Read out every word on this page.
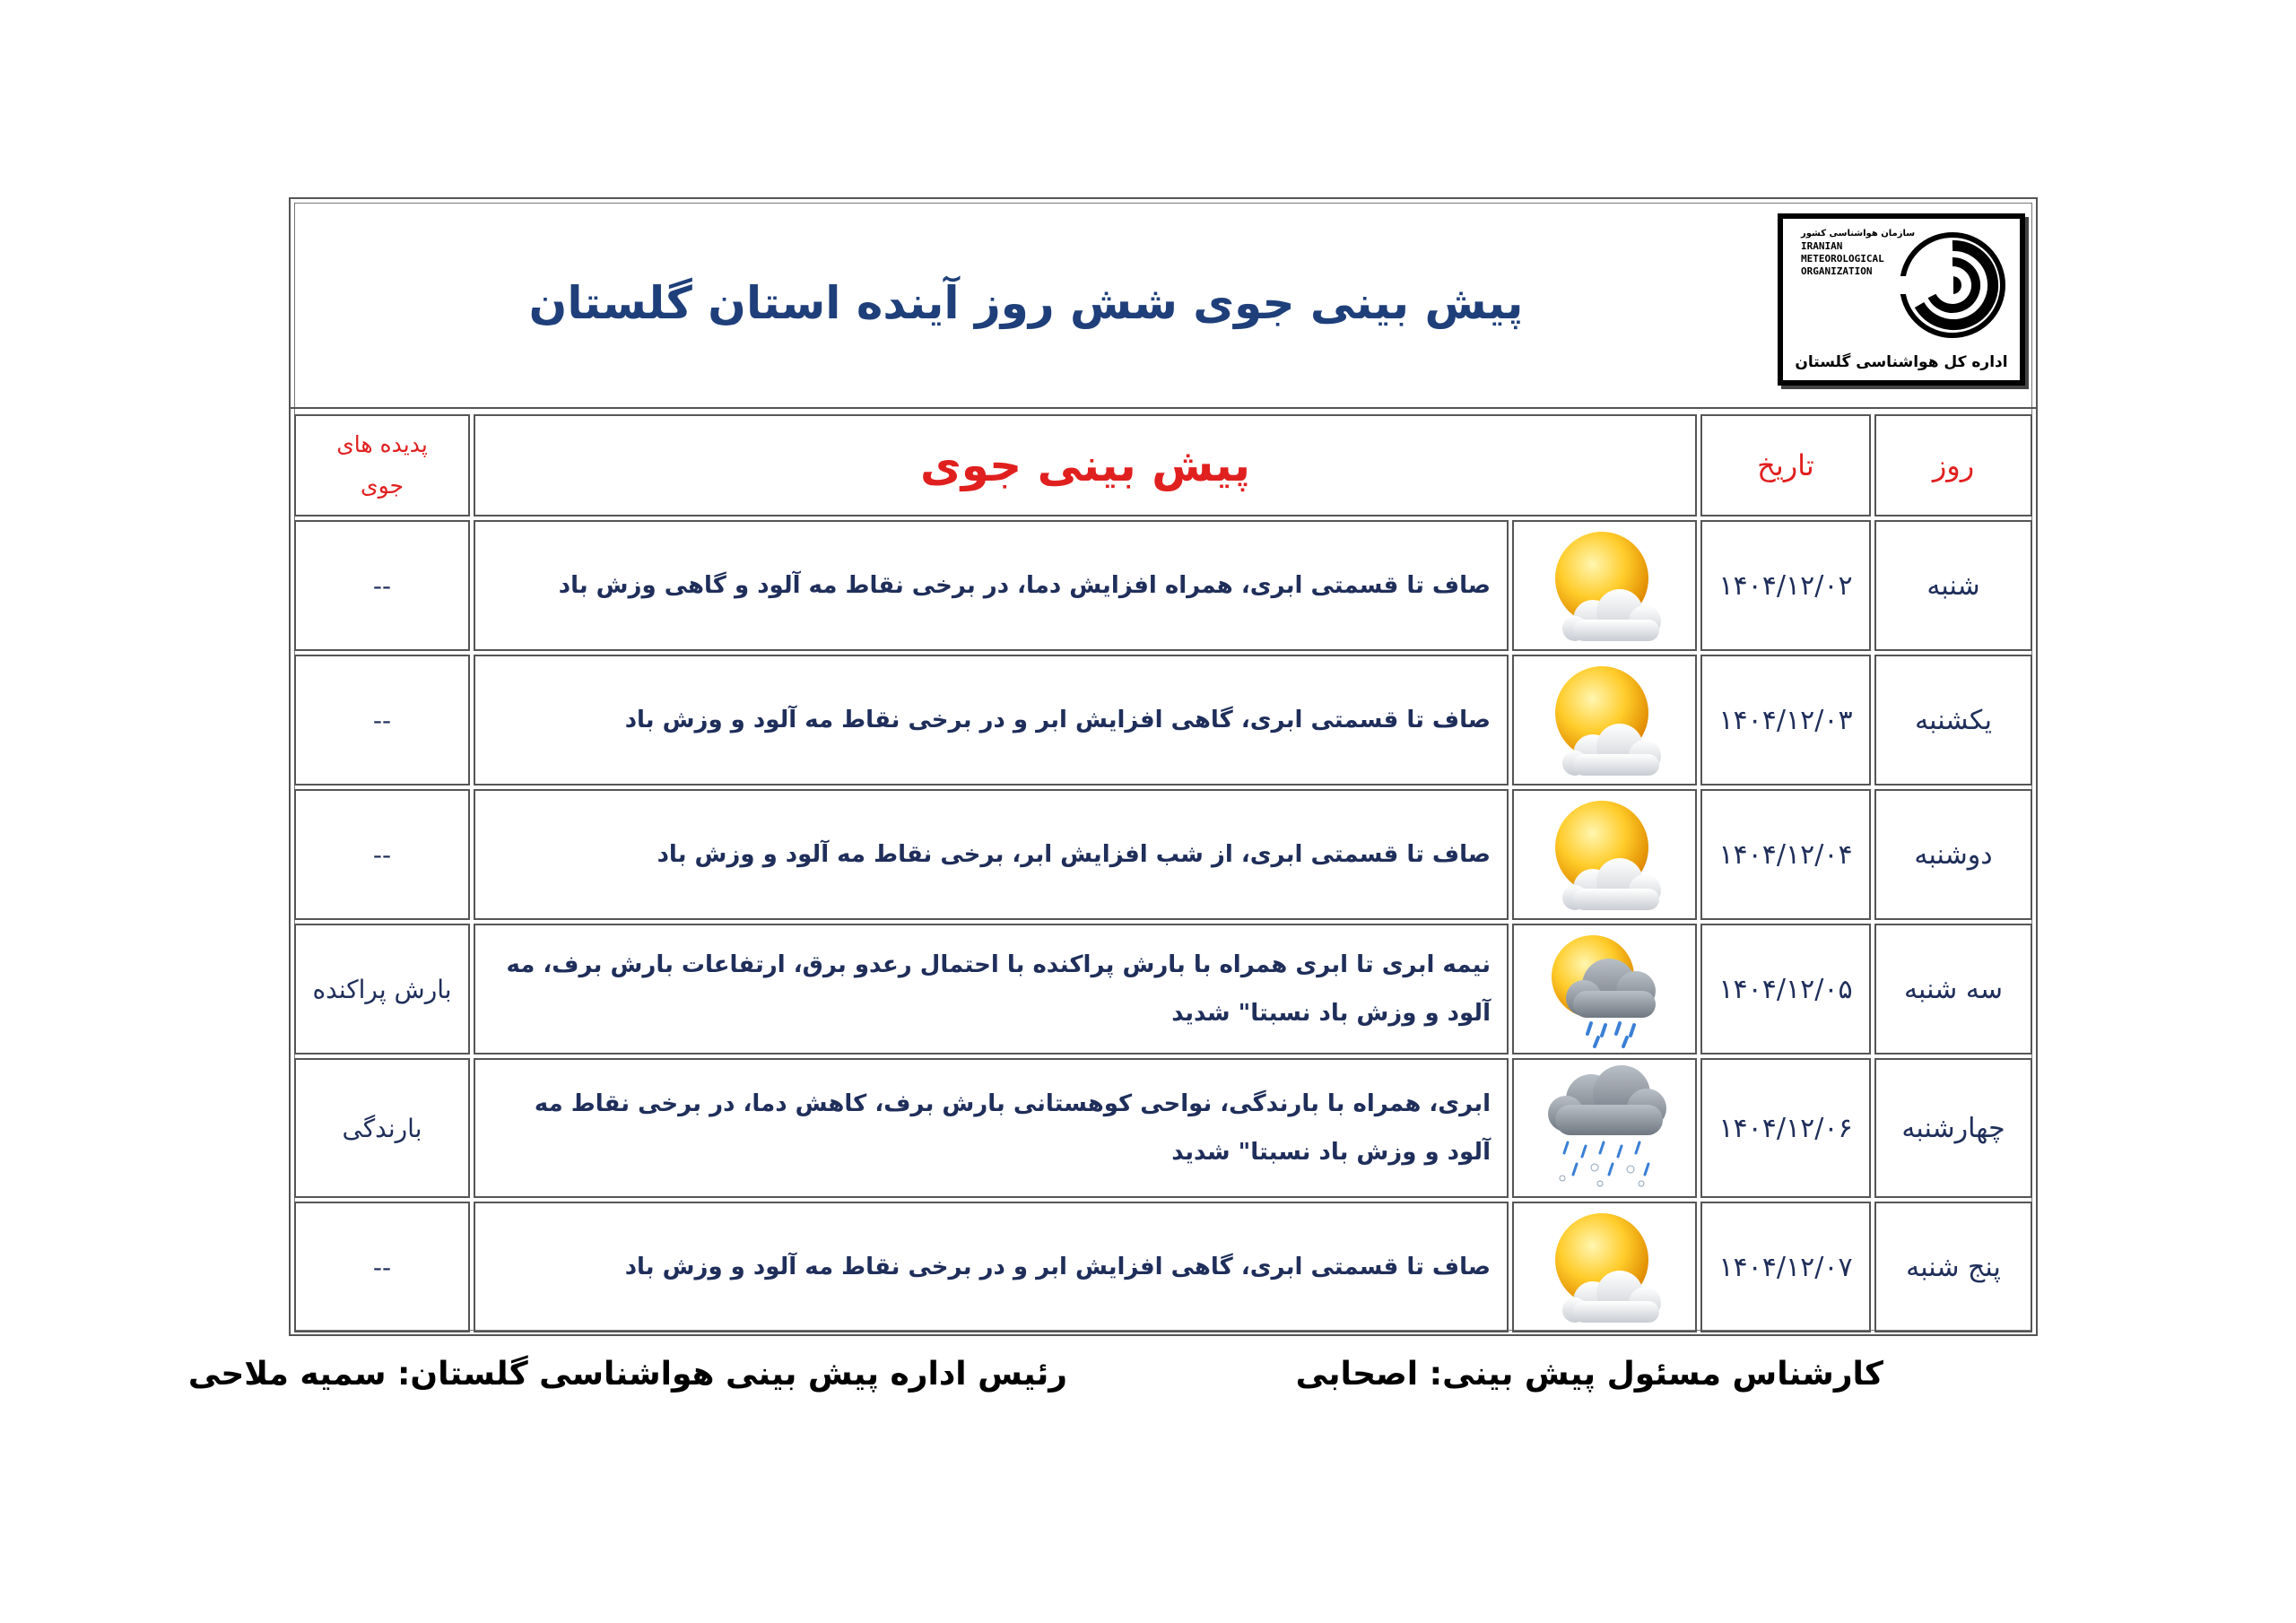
پیش بینی جوی شش روز آینده استان گلستان
سازمان هواشناسی کشور
IRANIAN
METEOROLOGICAL
ORGANIZATION
اداره کل هواشناسی گلستان
روز	تاریخ	پیش بینی جوی		پدیده های
جوی

شنبه	۱۴۰۴/۱۲/۰۲		صاف تا قسمتی ابری، همراه افزایش دما، در برخی نقاط مه آلود و گاهی وزش باد	--
یکشنبه	۱۴۰۴/۱۲/۰۳		صاف تا قسمتی ابری، گاهی افزایش ابر و در برخی نقاط مه آلود و وزش باد	--
دوشنبه	۱۴۰۴/۱۲/۰۴		صاف تا قسمتی ابری، از شب افزایش ابر، برخی نقاط مه آلود و وزش باد	--
سه شنبه	۱۴۰۴/۱۲/۰۵		نیمه ابری تا ابری همراه با بارش پراکنده با احتمال رعدو برق، ارتفاعات بارش برف، مه آلود و وزش باد نسبتا" شدید	بارش پراکنده
چهارشنبه	۱۴۰۴/۱۲/۰۶		ابری، همراه با بارندگی، نواحی کوهستانی بارش برف، کاهش دما، در برخی نقاط مه آلود و وزش باد نسبتا" شدید	بارندگی
پنج شنبه	۱۴۰۴/۱۲/۰۷		صاف تا قسمتی ابری، گاهی افزایش ابر و در برخی نقاط مه آلود و وزش باد	--
کارشناس مسئول پیش بینی: اصحابی
رئیس اداره پیش بینی هواشناسی گلستان: سمیه ملاحی
